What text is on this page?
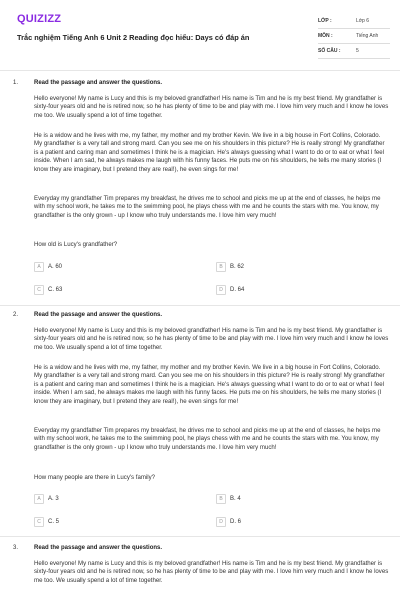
QUIZIZZ
Trắc nghiệm Tiếng Anh 6 Unit 2 Reading đọc hiểu: Days có đáp án
LỚP :	Lớp 6
MÔN :	Tiếng Anh
SỐ CÂU :	5
1.	Read the passage and answer the questions.
Hello everyone! My name is Lucy and this is my beloved grandfather! His name is Tim and he is my best friend. My grandfather is sixty-four years old and he is retired now, so he has plenty of time to be and play with me. I love him very much and I know he loves me too. We usually spend a lot of time together.
He is a widow and he lives with me, my father, my mother and my brother Kevin. We live in a big house in Fort Collins, Colorado. My grandfather is a very tall and strong mard. Can you see me on his shoulders in this picture? He is really strong! My grandfather is a patient and caring man and sometimes I think he is a magician. He's always guessing what I want to do or to eat or what I feel inside. When I am sad, he always makes me laugh with his funny faces. He puts me on his shoulders, he tells me many stories (I know they are imaginary, but I pretend they are real!), he even sings for me!
Everyday my grandfather Tim prepares my breakfast, he drives me to school and picks me up at the end of classes, he helps me with my school work, he takes me to the swimming pool, he plays chess with me and he counts the stars with me. You know, my grandfather is the only grown - up I know who truly understands me. I love him very much!
How old is Lucy's grandfather?
A	A. 60	B	B. 62
C	C. 63	D	D. 64
2.	Read the passage and answer the questions.
Hello everyone! My name is Lucy and this is my beloved grandfather! His name is Tim and he is my best friend. My grandfather is sixty-four years old and he is retired now, so he has plenty of time to be and play with me. I love him very much and I know he loves me too. We usually spend a lot of time together.
He is a widow and he lives with me, my father, my mother and my brother Kevin. We live in a big house in Fort Collins, Colorado. My grandfather is a very tall and strong mard. Can you see me on his shoulders in this picture? He is really strong! My grandfather is a patient and caring man and sometimes I think he is a magician. He's always guessing what I want to do or to eat or what I feel inside. When I am sad, he always makes me laugh with his funny faces. He puts me on his shoulders, he tells me many stories (I know they are imaginary, but I pretend they are real!), he even sings for me!
Everyday my grandfather Tim prepares my breakfast, he drives me to school and picks me up at the end of classes, he helps me with my school work, he takes me to the swimming pool, he plays chess with me and he counts the stars with me. You know, my grandfather is the only grown - up I know who truly understands me. I love him very much!
How many people are there in Lucy's family?
A	A. 3	B	B. 4
C	C. 5	D	D. 6
3.	Read the passage and answer the questions.
Hello everyone! My name is Lucy and this is my beloved grandfather! His name is Tim and he is my best friend. My grandfather is sixty-four years old and he is retired now, so he has plenty of time to be and play with me. I love him very much and I know he loves me too. We usually spend a lot of time together.
